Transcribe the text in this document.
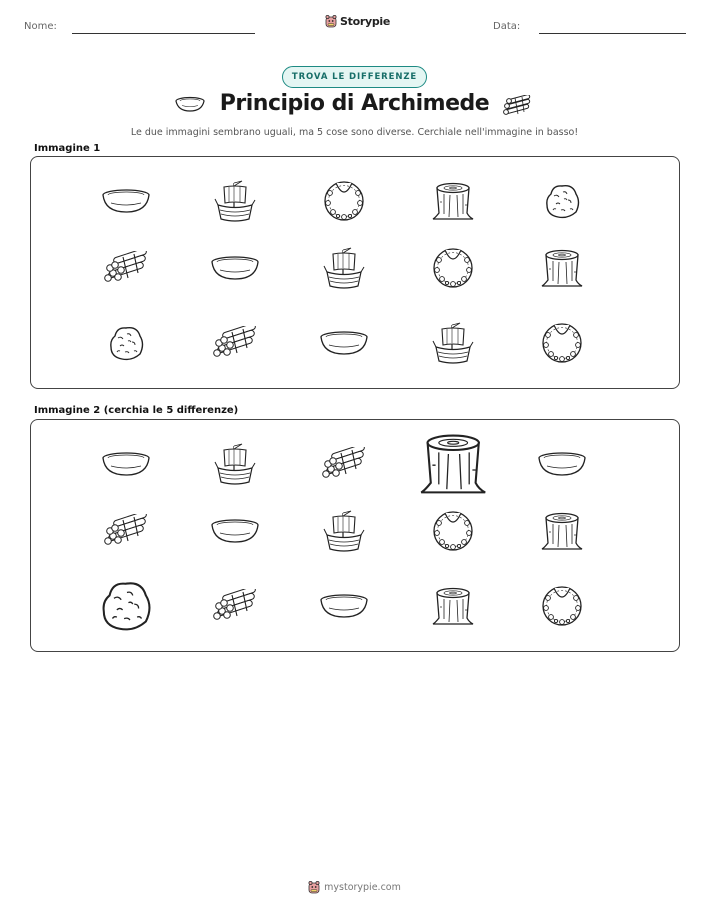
Nome:	Storypie	Data:
TROVA LE DIFFERENZE
Principio di Archimede
Le due immagini sembrano uguali, ma 5 cose sono diverse. Cerchiale nell'immagine in basso!
Immagine 1
Immagine 2 (cerchia le 5 differenze)
mystorypie.com
